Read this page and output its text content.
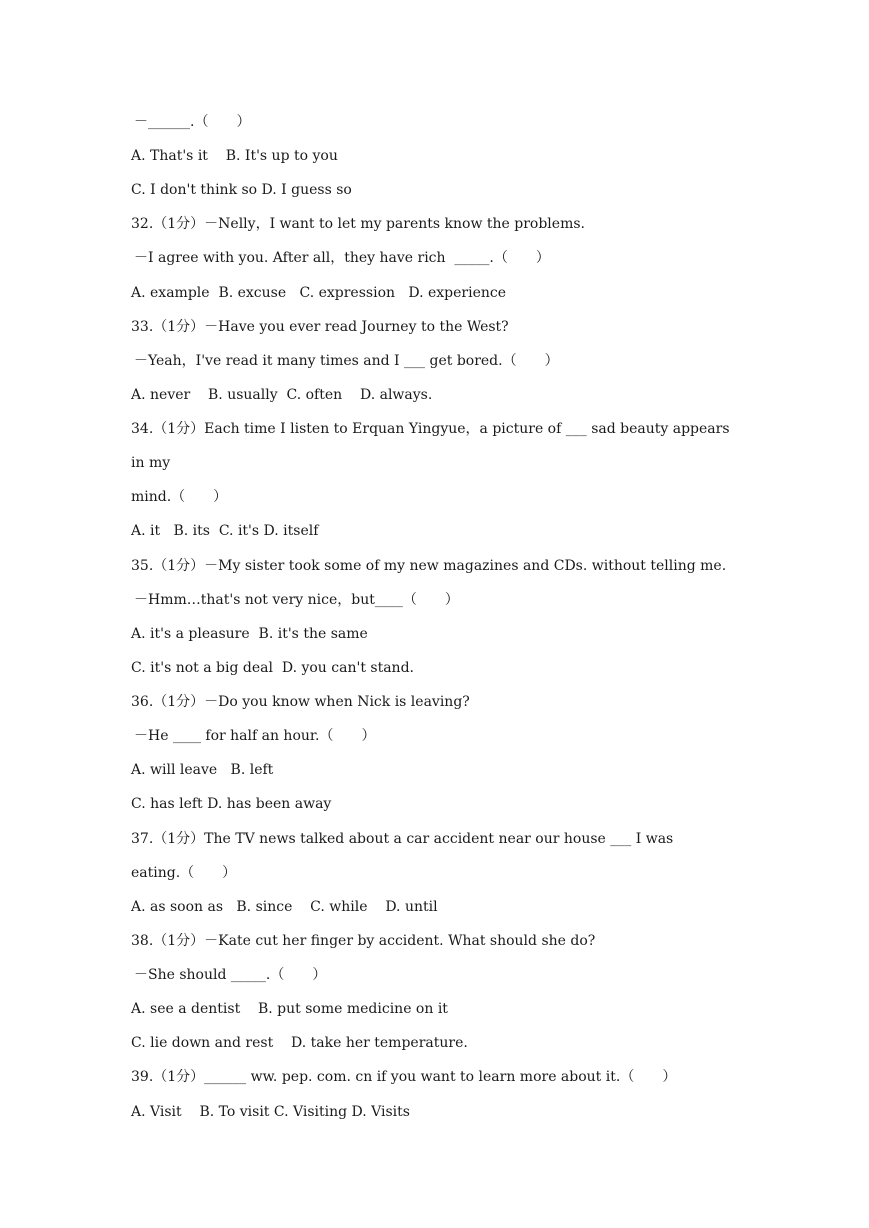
－______.（　　）
A. That's it    B. It's up to you
C. I don't think so D. I guess so
32.（1分）－Nelly，I want to let my parents know the problems.
－I agree with you. After all，they have rich  _____.（　　）
A. example  B. excuse   C. expression   D. experience
33.（1分）－Have you ever read Journey to the West?
－Yeah，I've read it many times and I ___ get bored.（　　）
A. never    B. usually  C. often    D. always.
34.（1分）Each time I listen to Erquan Yingyue，a picture of ___ sad beauty appears
in my
mind.（　　）
A. it   B. its  C. it's D. itself
35.（1分）－My sister took some of my new magazines and CDs. without telling me.
－Hmm…that's not very nice，but____（　　）
A. it's a pleasure  B. it's the same
C. it's not a big deal  D. you can't stand.
36.（1分）－Do you know when Nick is leaving?
－He ____ for half an hour.（　　）
A. will leave   B. left
C. has left D. has been away
37.（1分）The TV news talked about a car accident near our house ___ I was
eating.（　　）
A. as soon as   B. since    C. while    D. until
38.（1分）－Kate cut her finger by accident. What should she do?
－She should _____.（　　）
A. see a dentist    B. put some medicine on it
C. lie down and rest    D. take her temperature.
39.（1分）______ ww. pep. com. cn if you want to learn more about it.（　　）
A. Visit    B. To visit C. Visiting D. Visits
